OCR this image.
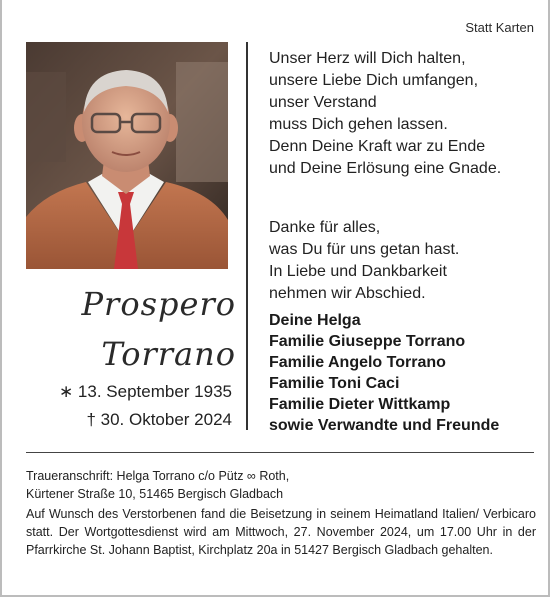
Statt Karten
Prospero
Torrano
∗ 13. September 1935
† 30. Oktober 2024
Unser Herz will Dich halten,
unsere Liebe Dich umfangen,
unser Verstand
muss Dich gehen lassen.
Denn Deine Kraft war zu Ende
und Deine Erlösung eine Gnade.
Danke für alles,
was Du für uns getan hast.
In Liebe und Dankbarkeit
nehmen wir Abschied.
Deine Helga
Familie Giuseppe Torrano
Familie Angelo Torrano
Familie Toni Caci
Familie Dieter Wittkamp
sowie Verwandte und Freunde
Traueranschrift: Helga Torrano c/o Pütz ∞ Roth,
Kürtener Straße 10, 51465 Bergisch Gladbach
Auf Wunsch des Verstorbenen fand die Beisetzung in seinem Heimatland Italien/ Verbicaro statt. Der Wortgottesdienst wird am Mittwoch, 27. November 2024, um 17.00 Uhr in der Pfarrkirche St. Johann Baptist, Kirchplatz 20a in 51427 Bergisch Gladbach gehalten.
